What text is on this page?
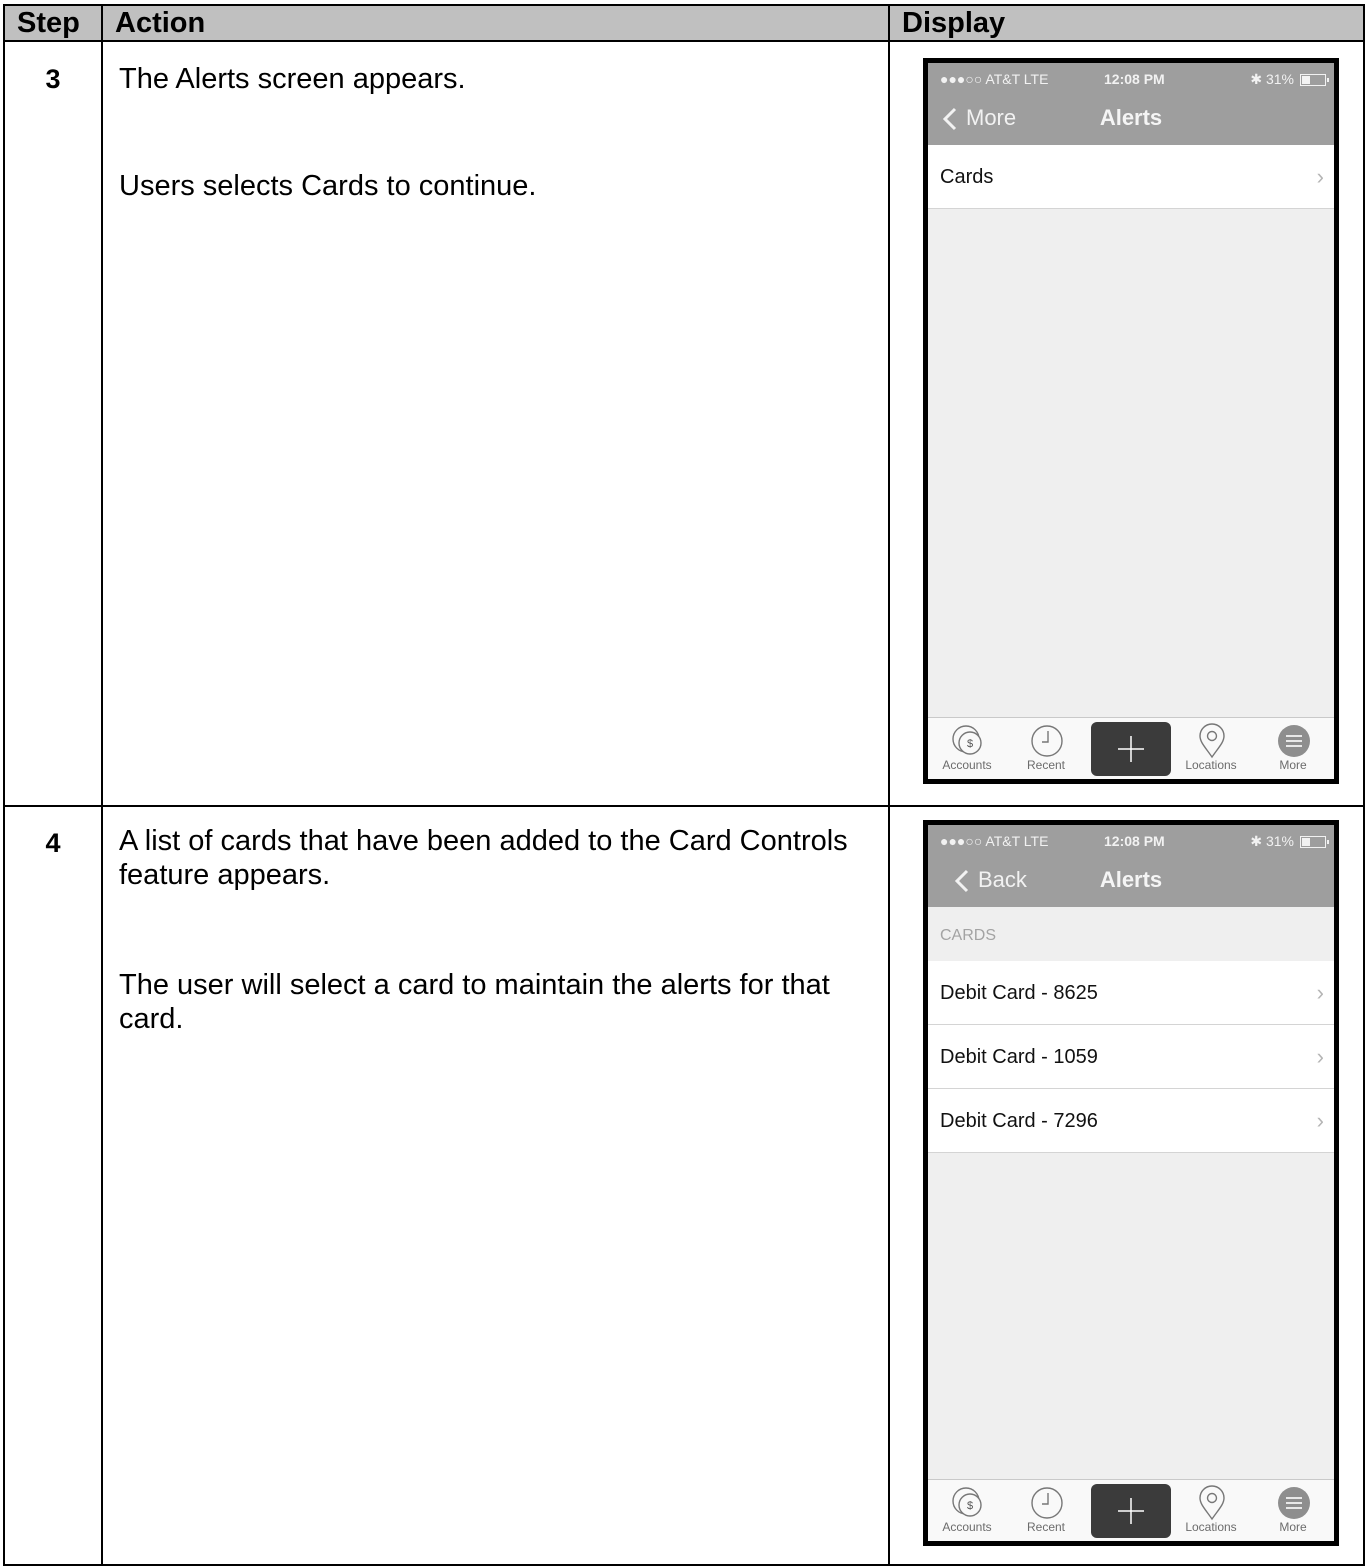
Step	Action	Display
3	The Alerts screen appears.
Users selects Cards to continue.
●●●○○ AT&T LTE	12:08 PM	✱ 31%
More	Alerts
Cards	›
$
Accounts	Recent	Locations	More
4	A list of cards that have been added to the Card Controls feature appears.
The user will select a card to maintain the alerts for that card.
●●●○○ AT&T LTE	12:08 PM	✱ 31%
Back	Alerts
CARDS
Debit Card - 8625	›
Debit Card - 1059	›
Debit Card - 7296	›
$
Accounts	Recent	Locations	More
